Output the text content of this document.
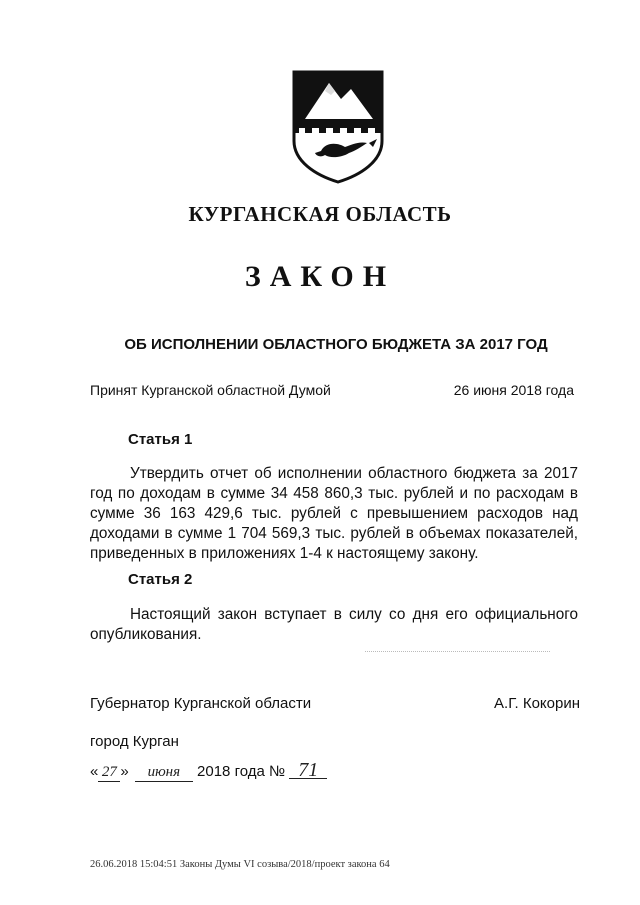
КУРГАНСКАЯ ОБЛАСТЬ
ЗАКОН
ОБ ИСПОЛНЕНИИ ОБЛАСТНОГО БЮДЖЕТА ЗА 2017 ГОД
Принят Курганской областной Думой	26 июня 2018 года
Статья 1

Утвердить отчет об исполнении областного бюджета за 2017 год по доходам в сумме 34 458 860,3 тыс. рублей и по расходам в сумме 36 163 429,6 тыс. рублей с превышением расходов над доходами в сумме 1 704 569,3 тыс. рублей в объемах показателей, приведенных в приложениях 1-4 к настоящему закону.

Статья 2

Настоящий закон вступает в силу со дня его официального опубликования.

Губернатор Курганской области	А.Г. Кокорин
город Курган
« 27 » июня 2018 года № 71
26.06.2018 15:04:51 Законы Думы VI созыва/2018/проект закона 64
